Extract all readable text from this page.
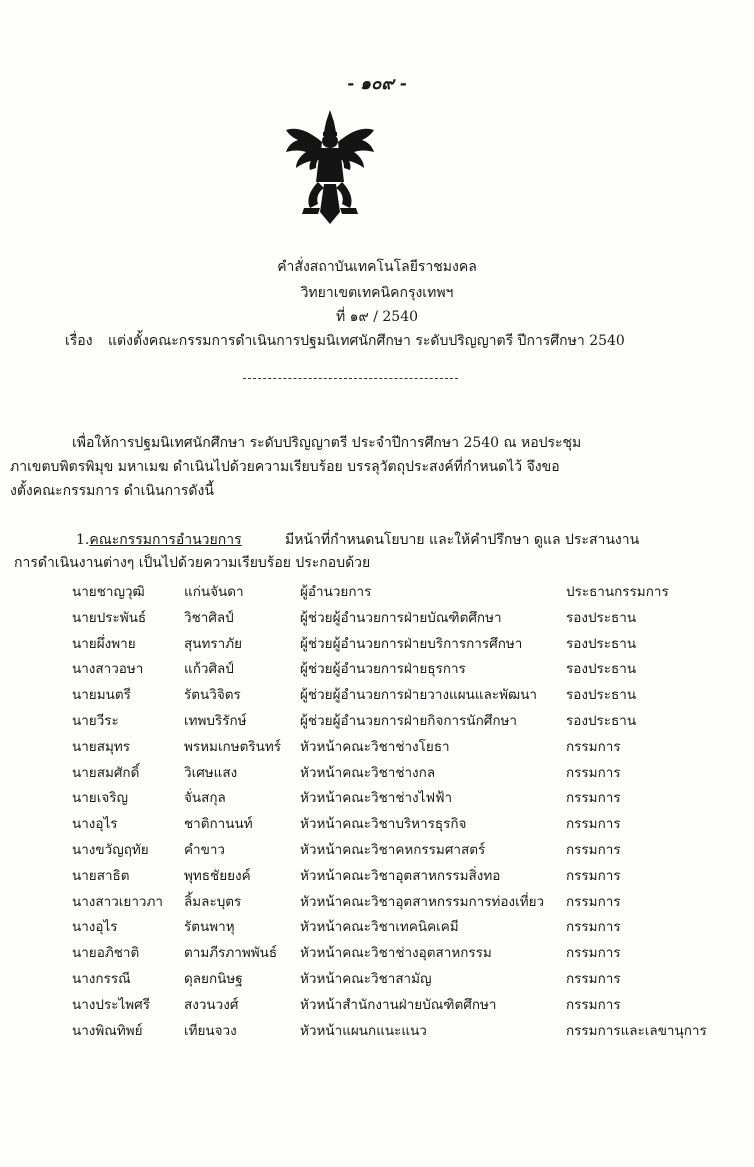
- ๑๐๙ -
คำสั่งสถาบันเทคโนโลยีราชมงคล
วิทยาเขตเทคนิคกรุงเทพฯ
ที่ ๑๙ / 2540
เรื่อง แต่งตั้งคณะกรรมการดำเนินการปฐมนิเทศนักศึกษา ระดับปริญญาตรี ปีการศึกษา 2540
เพื่อให้การปฐมนิเทศนักศึกษา ระดับปริญญาตรี ประจำปีการศึกษา 2540 ณ หอประชุม
ภาเขตบพิตรพิมุข มหาเมฆ ดำเนินไปด้วยความเรียบร้อย บรรลุวัตถุประสงค์ที่กำหนดไว้ จึงขอ
งตั้งคณะกรรมการ ดำเนินการดังนี้
1.คณะกรรมการอำนวยการ	มีหน้าที่กำหนดนโยบาย และให้คำปรึกษา ดูแล ประสานงาน
การดำเนินงานต่างๆ เป็นไปด้วยความเรียบร้อย ประกอบด้วย
นายชาญวุฒิ	แก่นจันดา	ผู้อำนวยการ	ประธานกรรมการ
นายประพันธ์	วิชาศิลป์	ผู้ช่วยผู้อำนวยการฝ่ายบัณฑิตศึกษา	รองประธาน
นายผึ่งพาย	สุนทราภัย	ผู้ช่วยผู้อำนวยการฝ่ายบริการการศึกษา	รองประธาน
นางสาวอษา	แก้วศิลป์	ผู้ช่วยผู้อำนวยการฝ่ายธุรการ	รองประธาน
นายมนตรี	รัตนวิจิตร	ผู้ช่วยผู้อำนวยการฝ่ายวางแผนและพัฒนา รองประธาน
นายวีระ	เทพบริรักษ์	ผู้ช่วยผู้อำนวยการฝ่ายกิจการนักศึกษา	รองประธาน
นายสมุทร	พรหมเกษตรินทร์ หัวหน้าคณะวิชาช่างโยธา	กรรมการ
นายสมศักดิ์	วิเศษแสง	หัวหน้าคณะวิชาช่างกล	กรรมการ
นายเจริญ	จั่นสกุล	หัวหน้าคณะวิชาช่างไฟฟ้า	กรรมการ
นางอุไร	ชาติกานนท์	หัวหน้าคณะวิชาบริหารธุรกิจ	กรรมการ
นางขวัญฤทัย	คำขาว	หัวหน้าคณะวิชาคหกรรมศาสตร์	กรรมการ
นายสาธิต	พุทธชัยยงค์	หัวหน้าคณะวิชาอุตสาหกรรมสิ่งทอ	กรรมการ
นางสาวเยาวภา ลิ้มละบุตร	หัวหน้าคณะวิชาอุตสาหกรรมการท่องเที่ยว กรรมการ
นางอุไร	รัตนพาหุ	หัวหน้าคณะวิชาเทคนิคเคมี	กรรมการ
นายอภิชาติ	ตามภีรภาพพันธ์ หัวหน้าคณะวิชาช่างอุตสาหกรรม	กรรมการ
นางกรรณี	ดุลยกนิษฐ	หัวหน้าคณะวิชาสามัญ	กรรมการ
นางประไพศรี	สงวนวงศ์	หัวหน้าสำนักงานฝ่ายบัณฑิตศึกษา	กรรมการ
นางพิณทิพย์	เทียนจวง	หัวหน้าแผนกแนะแนว	กรรมการและเลขานุการ
